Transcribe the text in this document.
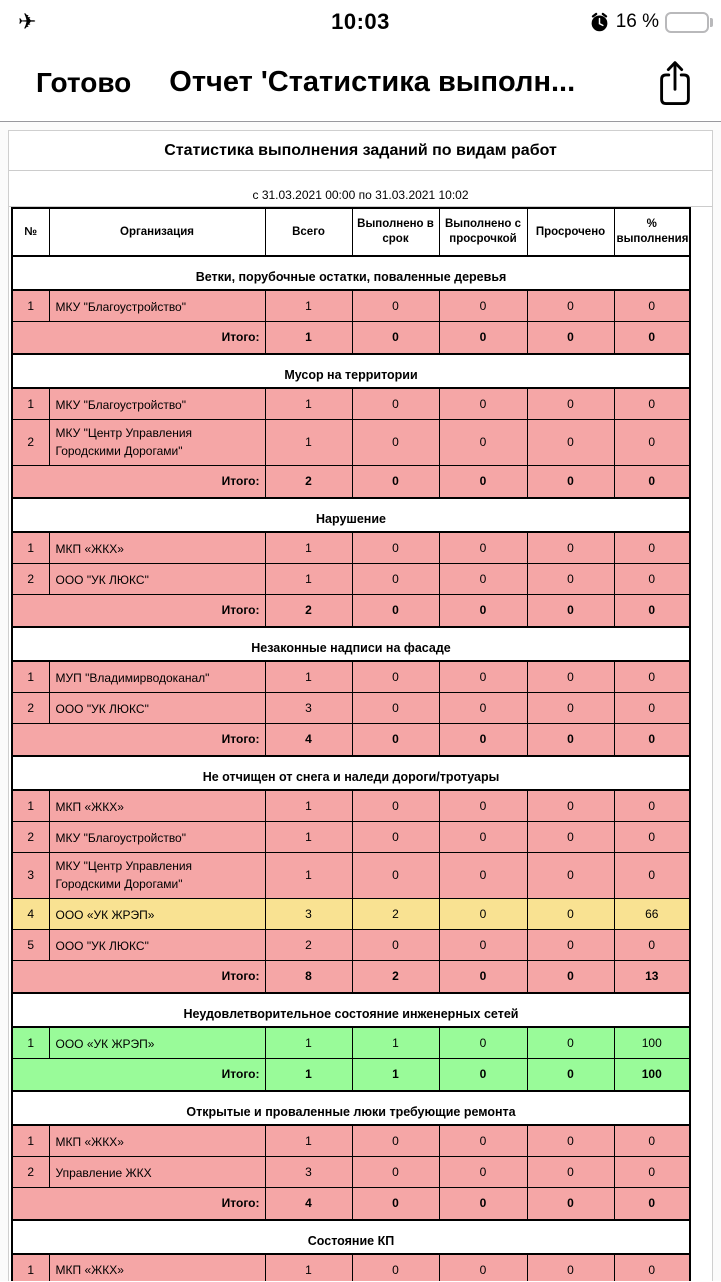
✈	10:03	16 %
Готово Отчет 'Статистика выполн...
Статистика выполнения заданий по видам работ
с 31.03.2021 00:00 по 31.03.2021 10:02
№	Организация	Всего	Выполнено в срок	Выполнено с просрочкой	Просрочено	% выполнения

Ветки, порубочные остатки, поваленные деревья						
1	МКУ "Благоустройство"	1	0	0	0	0
Итого:		1	0	0	0	0

Мусор на территории						
1	МКУ "Благоустройство"	1	0	0	0	0
2	МКУ "Центр Управления Городскими Дорогами"	1	0	0	0	0
Итого:		2	0	0	0	0

Нарушение						
1	МКП «ЖКХ»	1	0	0	0	0
2	ООО "УК ЛЮКС"	1	0	0	0	0
Итого:		2	0	0	0	0

Незаконные надписи на фасаде						
1	МУП "Владимирводоканал"	1	0	0	0	0
2	ООО "УК ЛЮКС"	3	0	0	0	0
Итого:		4	0	0	0	0

Не отчищен от снега и наледи дороги/тротуары						
1	МКП «ЖКХ»	1	0	0	0	0
2	МКУ "Благоустройство"	1	0	0	0	0
3	МКУ "Центр Управления Городскими Дорогами"	1	0	0	0	0
4	ООО «УК ЖРЭП»	3	2	0	0	66
5	ООО "УК ЛЮКС"	2	0	0	0	0
Итого:		8	2	0	0	13

Неудовлетворительное состояние инженерных сетей						
1	ООО «УК ЖРЭП»	1	1	0	0	100
Итого:		1	1	0	0	100

Открытые и проваленные люки требующие ремонта						
1	МКП «ЖКХ»	1	0	0	0	0
2	Управление ЖКХ	3	0	0	0	0
Итого:		4	0	0	0	0

Состояние КП						
1	МКП «ЖКХ»	1	0	0	0	0
